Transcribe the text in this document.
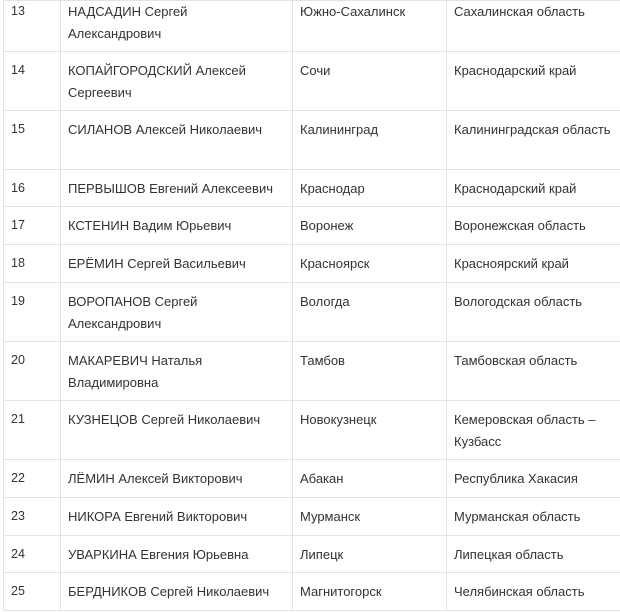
13	НАДСАДИН Сергей Александрович	Южно-Сахалинск	Сахалинская область

14	КОПАЙГОРОДСКИЙ Алексей Сергеевич	Сочи	Краснодарский край

15	СИЛАНОВ Алексей Николаевич	Калининград	Калининградская область

16	ПЕРВЫШОВ Евгений Алексеевич	Краснодар	Краснодарский край

17	КСТЕНИН Вадим Юрьевич	Воронеж	Воронежская область

18	ЕРЁМИН Сергей Васильевич	Красноярск	Красноярский край

19	ВОРОПАНОВ Сергей Александрович	Вологда	Вологодская область

20	МАКАРЕВИЧ Наталья Владимировна	Тамбов	Тамбовская область

21	КУЗНЕЦОВ Сергей Николаевич	Новокузнецк	Кемеровская область – Кузбасс

22	ЛЁМИН Алексей Викторович	Абакан	Республика Хакасия

23	НИКОРА Евгений Викторович	Мурманск	Мурманская область

24	УВАРКИНА Евгения Юрьевна	Липецк	Липецкая область

25	БЕРДНИКОВ Сергей Николаевич	Магнитогорск	Челябинская область
